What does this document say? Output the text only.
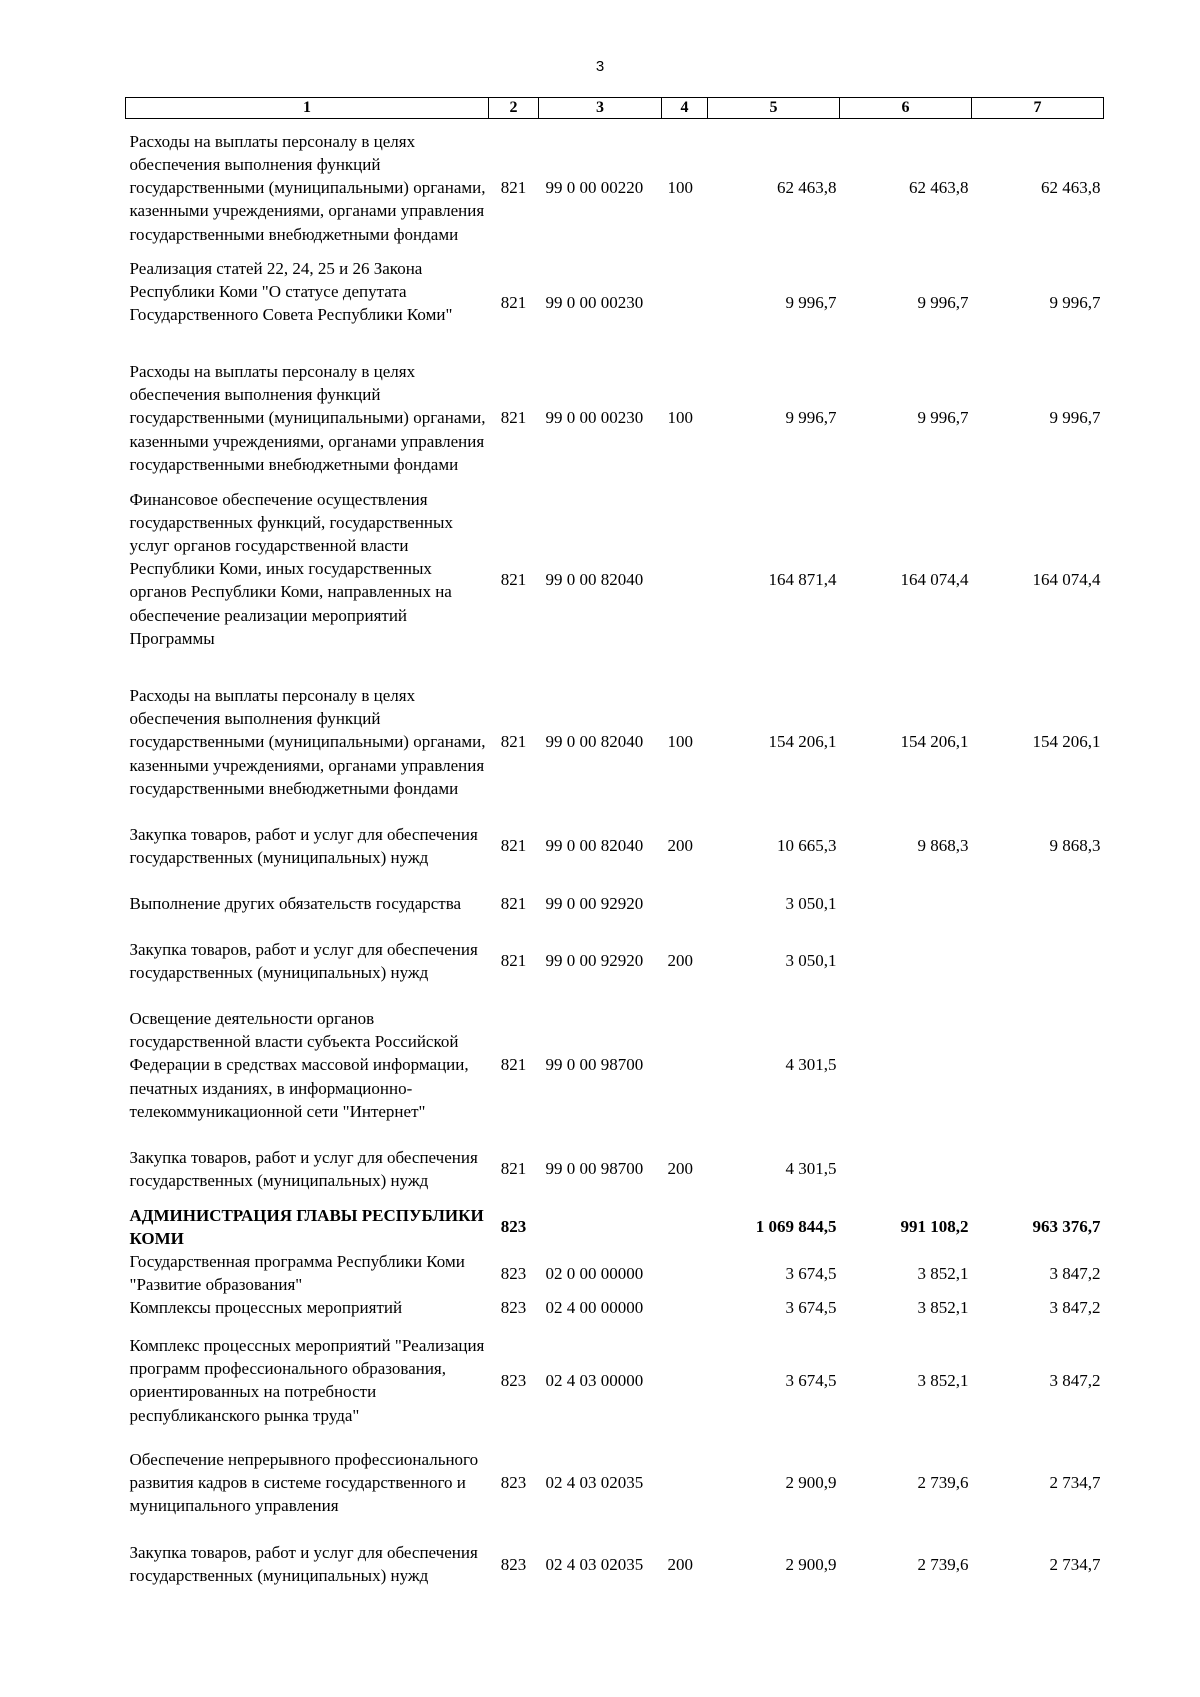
3
1	2	3	4	5	6	7
Расходы на выплаты персоналу в целях обеспечения выполнения функций государственными (муниципальными) органами, казенными учреждениями, органами управления государственными внебюджетными фондами	821	99 0 00 00220	100	62 463,8	62 463,8	62 463,8
Реализация статей 22, 24, 25 и 26 Закона Республики Коми "О статусе депутата Государственного Совета Республики Коми"	821	99 0 00 00230		9 996,7	9 996,7	9 996,7
Расходы на выплаты персоналу в целях обеспечения выполнения функций государственными (муниципальными) органами, казенными учреждениями, органами управления государственными внебюджетными фондами	821	99 0 00 00230	100	9 996,7	9 996,7	9 996,7
Финансовое обеспечение осуществления государственных функций, государственных услуг органов государственной власти Республики Коми, иных государственных органов Республики Коми, направленных на обеспечение реализации мероприятий Программы	821	99 0 00 82040		164 871,4	164 074,4	164 074,4
Расходы на выплаты персоналу в целях обеспечения выполнения функций государственными (муниципальными) органами, казенными учреждениями, органами управления государственными внебюджетными фондами	821	99 0 00 82040	100	154 206,1	154 206,1	154 206,1
Закупка товаров, работ и услуг для обеспечения государственных (муниципальных) нужд	821	99 0 00 82040	200	10 665,3	9 868,3	9 868,3
Выполнение других обязательств государства	821	99 0 00 92920		3 050,1		
Закупка товаров, работ и услуг для обеспечения государственных (муниципальных) нужд	821	99 0 00 92920	200	3 050,1		
Освещение деятельности органов государственной власти субъекта Российской Федерации в средствах массовой информации, печатных изданиях, в информационно-телекоммуникационной сети "Интернет"	821	99 0 00 98700		4 301,5		
Закупка товаров, работ и услуг для обеспечения государственных (муниципальных) нужд	821	99 0 00 98700	200	4 301,5		
АДМИНИСТРАЦИЯ ГЛАВЫ РЕСПУБЛИКИ КОМИ	823			1 069 844,5	991 108,2	963 376,7
Государственная программа Республики Коми "Развитие образования"	823	02 0 00 00000		3 674,5	3 852,1	3 847,2
Комплексы процессных мероприятий	823	02 4 00 00000		3 674,5	3 852,1	3 847,2
Комплекс процессных мероприятий "Реализация программ профессионального образования, ориентированных на потребности республиканского рынка труда"	823	02 4 03 00000		3 674,5	3 852,1	3 847,2
Обеспечение непрерывного профессионального развития кадров в системе государственного и муниципального управления	823	02 4 03 02035		2 900,9	2 739,6	2 734,7
Закупка товаров, работ и услуг для обеспечения государственных (муниципальных) нужд	823	02 4 03 02035	200	2 900,9	2 739,6	2 734,7
